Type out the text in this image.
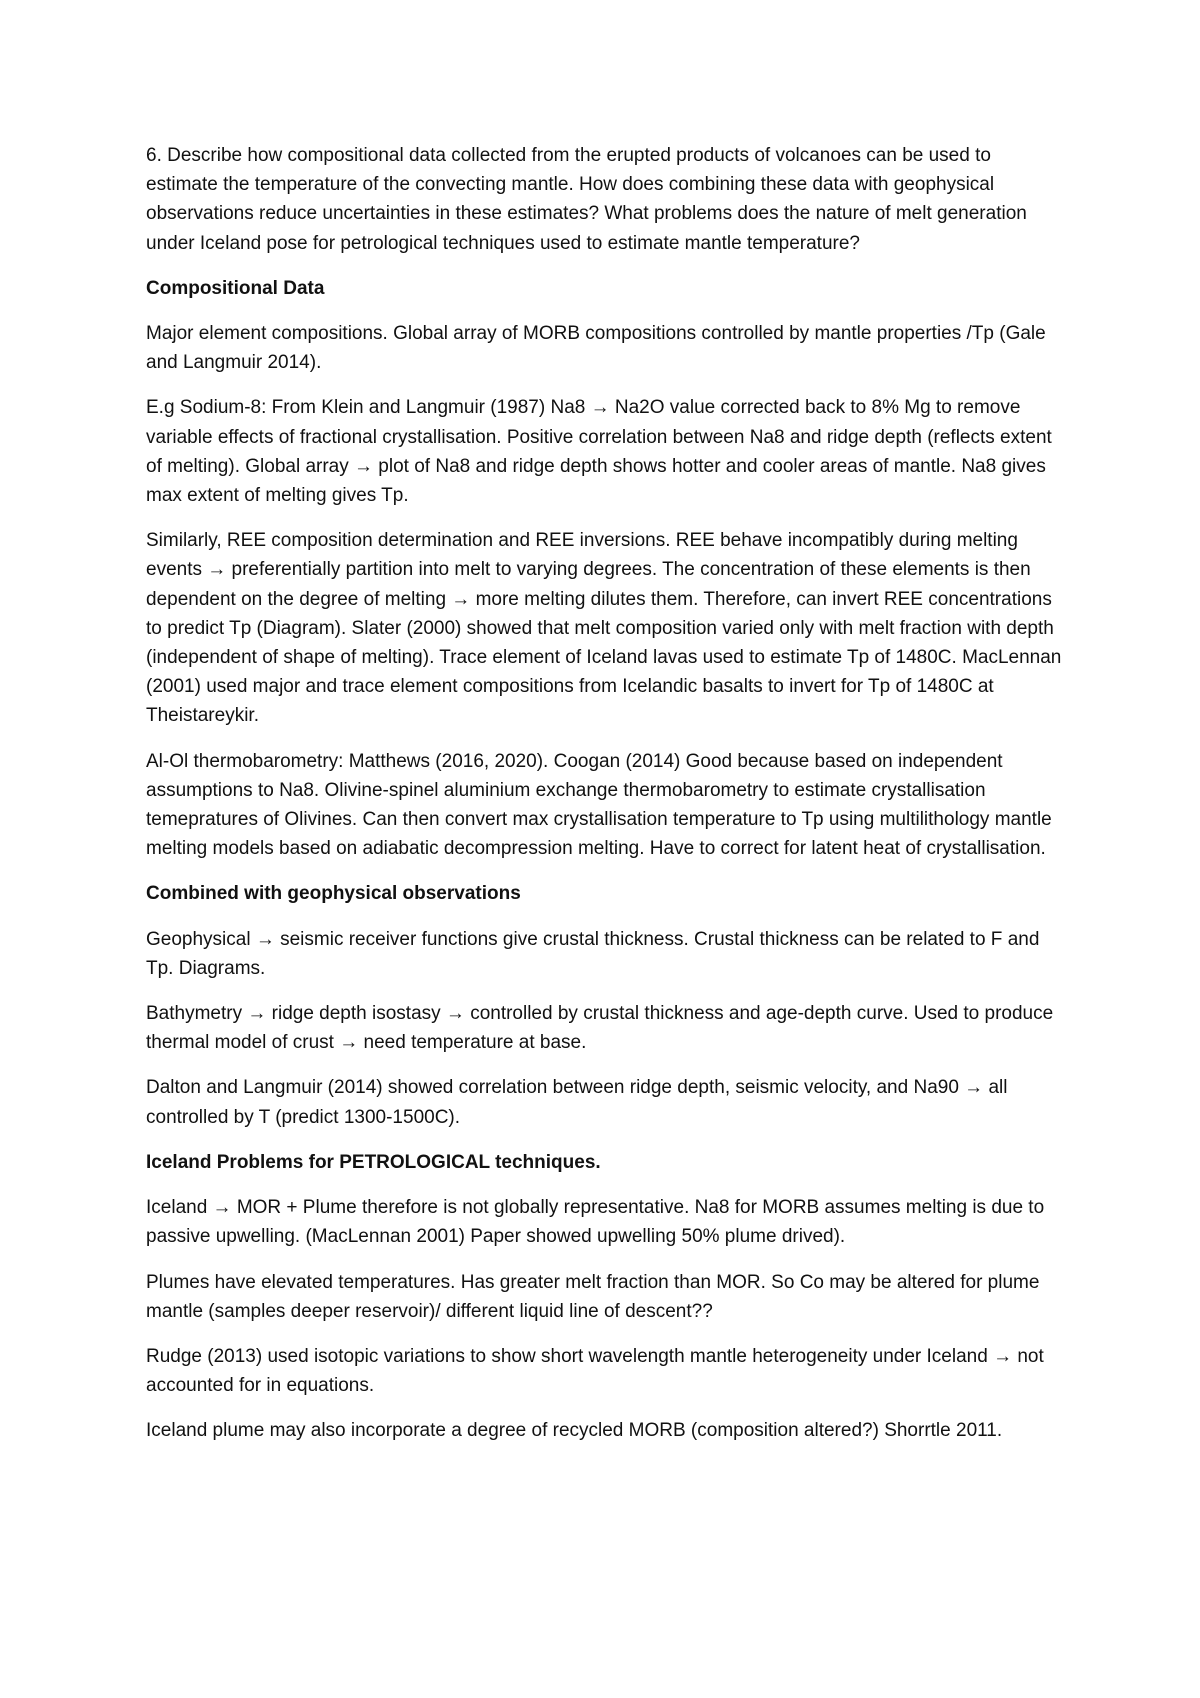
6. Describe how compositional data collected from the erupted products of volcanoes can be used to estimate the temperature of the convecting mantle. How does combining these data with geophysical observations reduce uncertainties in these estimates? What problems does the nature of melt generation under Iceland pose for petrological techniques used to estimate mantle temperature?

Compositional Data

Major element compositions. Global array of MORB compositions controlled by mantle properties /Tp (Gale and Langmuir 2014).

E.g Sodium-8: From Klein and Langmuir (1987) Na8 → Na2O value corrected back to 8% Mg to remove variable effects of fractional crystallisation. Positive correlation between Na8 and ridge depth (reflects extent of melting). Global array → plot of Na8 and ridge depth shows hotter and cooler areas of mantle. Na8 gives max extent of melting gives Tp.

Similarly, REE composition determination and REE inversions. REE behave incompatibly during melting events → preferentially partition into melt to varying degrees. The concentration of these elements is then dependent on the degree of melting → more melting dilutes them. Therefore, can invert REE concentrations to predict Tp (Diagram). Slater (2000) showed that melt composition varied only with melt fraction with depth (independent of shape of melting). Trace element of Iceland lavas used to estimate Tp of 1480C. MacLennan (2001) used major and trace element compositions from Icelandic basalts to invert for Tp of 1480C at Theistareykir.

Al-Ol thermobarometry: Matthews (2016, 2020). Coogan (2014) Good because based on independent assumptions to Na8. Olivine-spinel aluminium exchange thermobarometry to estimate crystallisation temepratures of Olivines. Can then convert max crystallisation temperature to Tp using multilithology mantle melting models based on adiabatic decompression melting. Have to correct for latent heat of crystallisation.

Combined with geophysical observations

Geophysical → seismic receiver functions give crustal thickness. Crustal thickness can be related to F and Tp. Diagrams.

Bathymetry → ridge depth isostasy → controlled by crustal thickness and age-depth curve. Used to produce thermal model of crust → need temperature at base.

Dalton and Langmuir (2014) showed correlation between ridge depth, seismic velocity, and Na90 → all controlled by T (predict 1300-1500C).

Iceland Problems for PETROLOGICAL techniques.

Iceland → MOR + Plume therefore is not globally representative. Na8 for MORB assumes melting is due to passive upwelling. (MacLennan 2001) Paper showed upwelling 50% plume drived).

Plumes have elevated temperatures. Has greater melt fraction than MOR. So Co may be altered for plume mantle (samples deeper reservoir)/ different liquid line of descent??

Rudge (2013) used isotopic variations to show short wavelength mantle heterogeneity under Iceland → not accounted for in equations.

Iceland plume may also incorporate a degree of recycled MORB (composition altered?) Shorrtle 2011.
